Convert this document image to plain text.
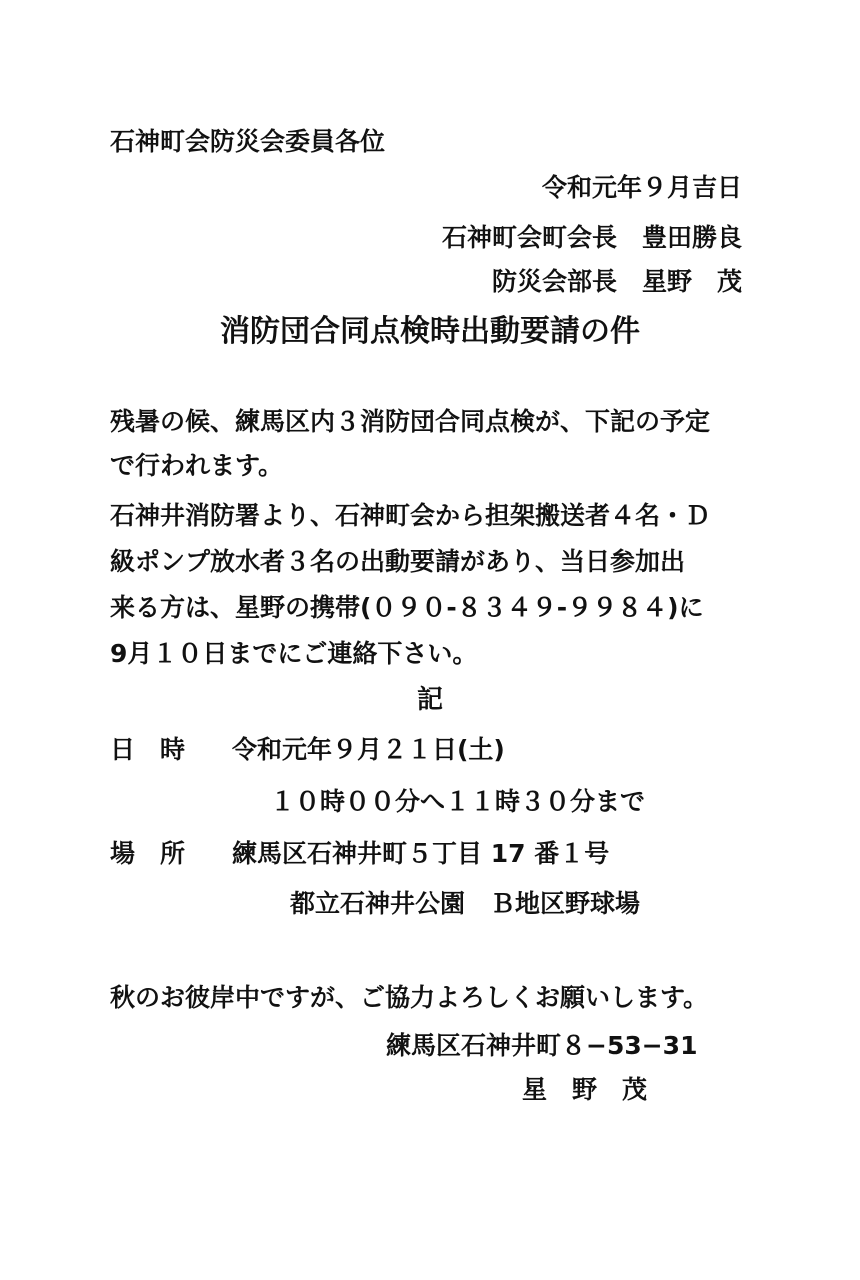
石神町会防災会委員各位
令和元年９月吉日
石神町会町会長　豊田勝良
防災会部長　星野　茂
消防団合同点検時出動要請の件
残暑の候、練馬区内３消防団合同点検が、下記の予定
で行われます。
石神井消防署より、石神町会から担架搬送者４名・Ｄ
級ポンプ放水者３名の出動要請があり、当日参加出
来る方は、星野の携帯(０９０-８３４９-９９８４)に
9月１０日までにご連絡下さい。
記
日　時 令和元年９月２１日(土)
１０時００分へ１１時３０分まで
場　所 練馬区石神井町５丁目 17 番１号
都立石神井公園　Ｂ地区野球場
秋のお彼岸中ですが、ご協力よろしくお願いします。
練馬区石神井町８−53−31
星　野　茂
